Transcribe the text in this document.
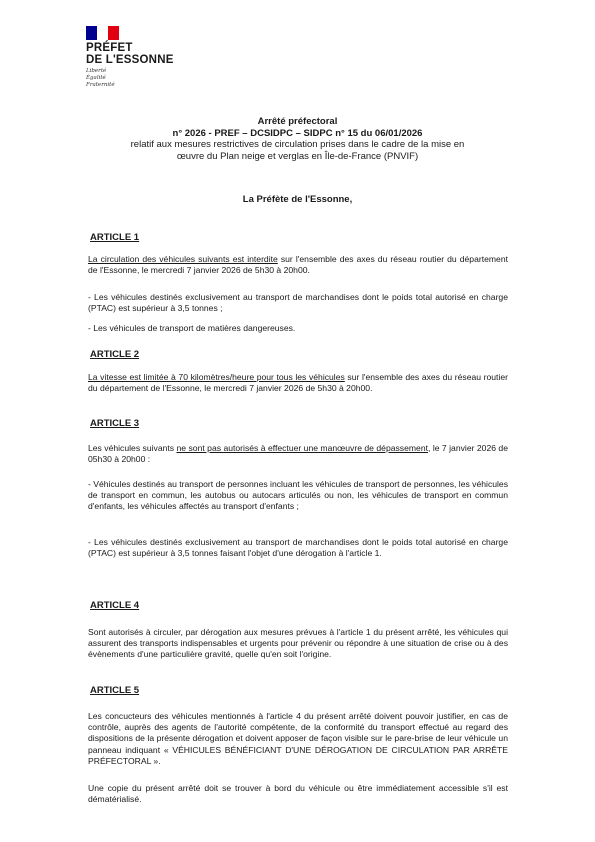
PRÉFET
DE L'ESSONNE
Liberté
Égalité
Fraternité
Arrêté préfectoral
n° 2026 - PREF – DCSIDPC – SIDPC n° 15 du 06/01/2026
relatif aux mesures restrictives de circulation prises dans le cadre de la mise en
œuvre du Plan neige et verglas en Île-de-France (PNVIF)
La Préfète de l'Essonne,
ARTICLE 1
La circulation des véhicules suivants est interdite sur l'ensemble des axes du réseau routier du département de l'Essonne, le mercredi 7 janvier 2026 de 5h30 à 20h00.
- Les véhicules destinés exclusivement au transport de marchandises dont le poids total autorisé en charge (PTAC) est supérieur à 3,5 tonnes ;
- Les véhicules de transport de matières dangereuses.
ARTICLE 2
La vitesse est limitée à 70 kilomètres/heure pour tous les véhicules sur l'ensemble des axes du réseau routier du département de l'Essonne, le mercredi 7 janvier 2026 de 5h30 à 20h00.
ARTICLE 3
Les véhicules suivants ne sont pas autorisés à effectuer une manœuvre de dépassement, le 7 janvier 2026 de 05h30 à 20h00 :
- Véhicules destinés au transport de personnes incluant les véhicules de transport de personnes, les véhicules de transport en commun, les autobus ou autocars articulés ou non, les véhicules de transport en commun d'enfants, les véhicules affectés au transport d'enfants ;
- Les véhicules destinés exclusivement au transport de marchandises dont le poids total autorisé en charge (PTAC) est supérieur à 3,5 tonnes faisant l'objet d'une dérogation à l'article 1.
ARTICLE 4
Sont autorisés à circuler, par dérogation aux mesures prévues à l'article 1 du présent arrêté, les véhicules qui assurent des transports indispensables et urgents pour prévenir ou répondre à une situation de crise ou à des évènements d'une particulière gravité, quelle qu'en soit l'origine.
ARTICLE 5
Les concucteurs des véhicules mentionnés à l'article 4 du présent arrêté doivent pouvoir justifier, en cas de contrôle, auprès des agents de l'autorité compétente, de la conformité du transport effectué au regard des dispositions de la présente dérogation et doivent apposer de façon visible sur le pare-brise de leur véhicule un panneau indiquant « VÉHICULES BÉNÉFICIANT D'UNE DÉROGATION DE CIRCULATION PAR ARRÊTE PRÉFECTORAL ».
Une copie du présent arrêté doit se trouver à bord du véhicule ou être immédiatement accessible s'il est dématérialisé.
